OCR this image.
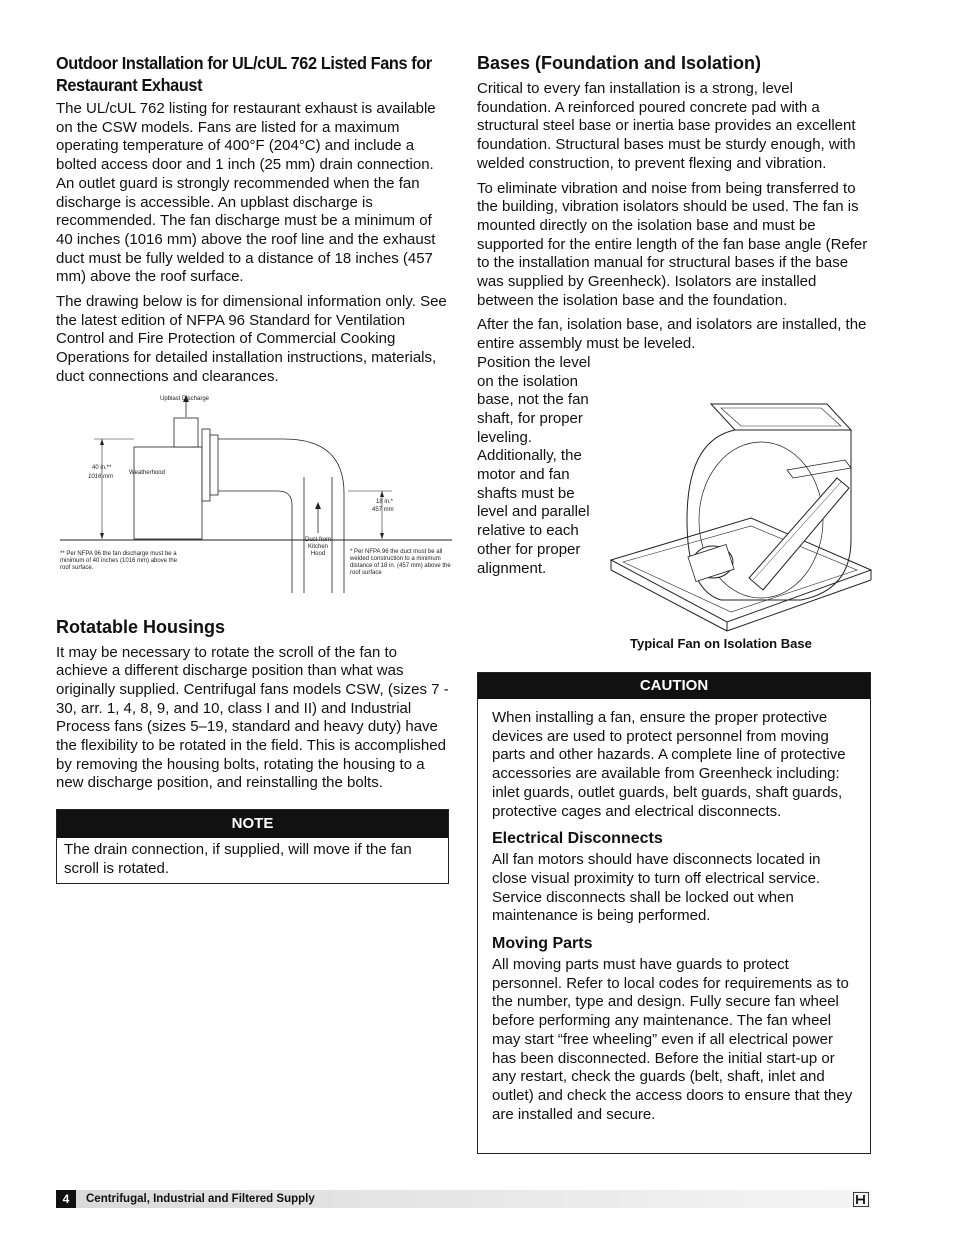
Outdoor Installation for UL/cUL 762 Listed Fans for Restaurant Exhaust

The UL/cUL 762 listing for restaurant exhaust is available on the CSW models. Fans are listed for a maximum operating temperature of 400°F (204°C) and include a bolted access door and 1 inch (25 mm) drain connection. An outlet guard is strongly recommended when the fan discharge is accessible. An upblast discharge is recommended. The fan discharge must be a minimum of 40 inches (1016 mm) above the roof line and the exhaust duct must be fully welded to a distance of 18 inches (457 mm) above the roof surface.

The drawing below is for dimensional information only. See the latest edition of NFPA 96 Standard for Ventilation Control and Fire Protection of Commercial Cooking Operations for detailed installation instructions, materials, duct connections and clearances.

Upblast Discharge
Weatherhood
40 in.**
1016 mm
18 in.*
457 mm
Duct from Kitchen Hood
** Per NFPA 96 the fan discharge must be a minimum of 40 inches (1016 mm) above the roof surface.
* Per NFPA 96 the duct must be all welded construction to a minimum distance of 18 in. (457 mm) above the roof surface
Rotatable Housings

It may be necessary to rotate the scroll of the fan to achieve a different discharge position than what was originally supplied. Centrifugal fans models CSW, (sizes 7 - 30, arr. 1, 4, 8, 9, and 10, class I and II) and Industrial Process fans (sizes 5–19, standard and heavy duty) have the flexibility to be rotated in the field. This is accomplished by removing the housing bolts, rotating the housing to a new discharge position, and reinstalling the bolts.

NOTE

The drain connection, if supplied, will move if the fan scroll is rotated.

Bases (Foundation and Isolation)

Critical to every fan installation is a strong, level foundation. A reinforced poured concrete pad with a structural steel base or inertia base provides an excellent foundation. Structural bases must be sturdy enough, with welded construction, to prevent flexing and vibration.

To eliminate vibration and noise from being transferred to the building, vibration isolators should be used. The fan is mounted directly on the isolation base and must be supported for the entire length of the fan base angle (Refer to the installation manual for structural bases if the base was supplied by Greenheck). Isolators are installed between the isolation base and the foundation.

After the fan, isolation base, and isolators are installed, the entire assembly must be leveled.

Position the level on the isolation base, not the fan shaft, for proper leveling. Additionally, the motor and fan shafts must be level and parallel relative to each other for proper alignment.

Typical Fan on Isolation Base
CAUTION

When installing a fan, ensure the proper protective devices are used to protect personnel from moving parts and other hazards. A complete line of protective accessories are available from Greenheck including: inlet guards, outlet guards, belt guards, shaft guards, protective cages and electrical disconnects.

Electrical Disconnects

All fan motors should have disconnects located in close visual proximity to turn off electrical service. Service disconnects shall be locked out when maintenance is being performed.

Moving Parts

All moving parts must have guards to protect personnel. Refer to local codes for requirements as to the number, type and design. Fully secure fan wheel before performing any maintenance. The fan wheel may start “free wheeling” even if all electrical power has been disconnected. Before the initial start-up or any restart, check the guards (belt, shaft, inlet and outlet) and check the access doors to ensure that they are installed and secure.

4	Centrifugal, Industrial and Filtered Supply
